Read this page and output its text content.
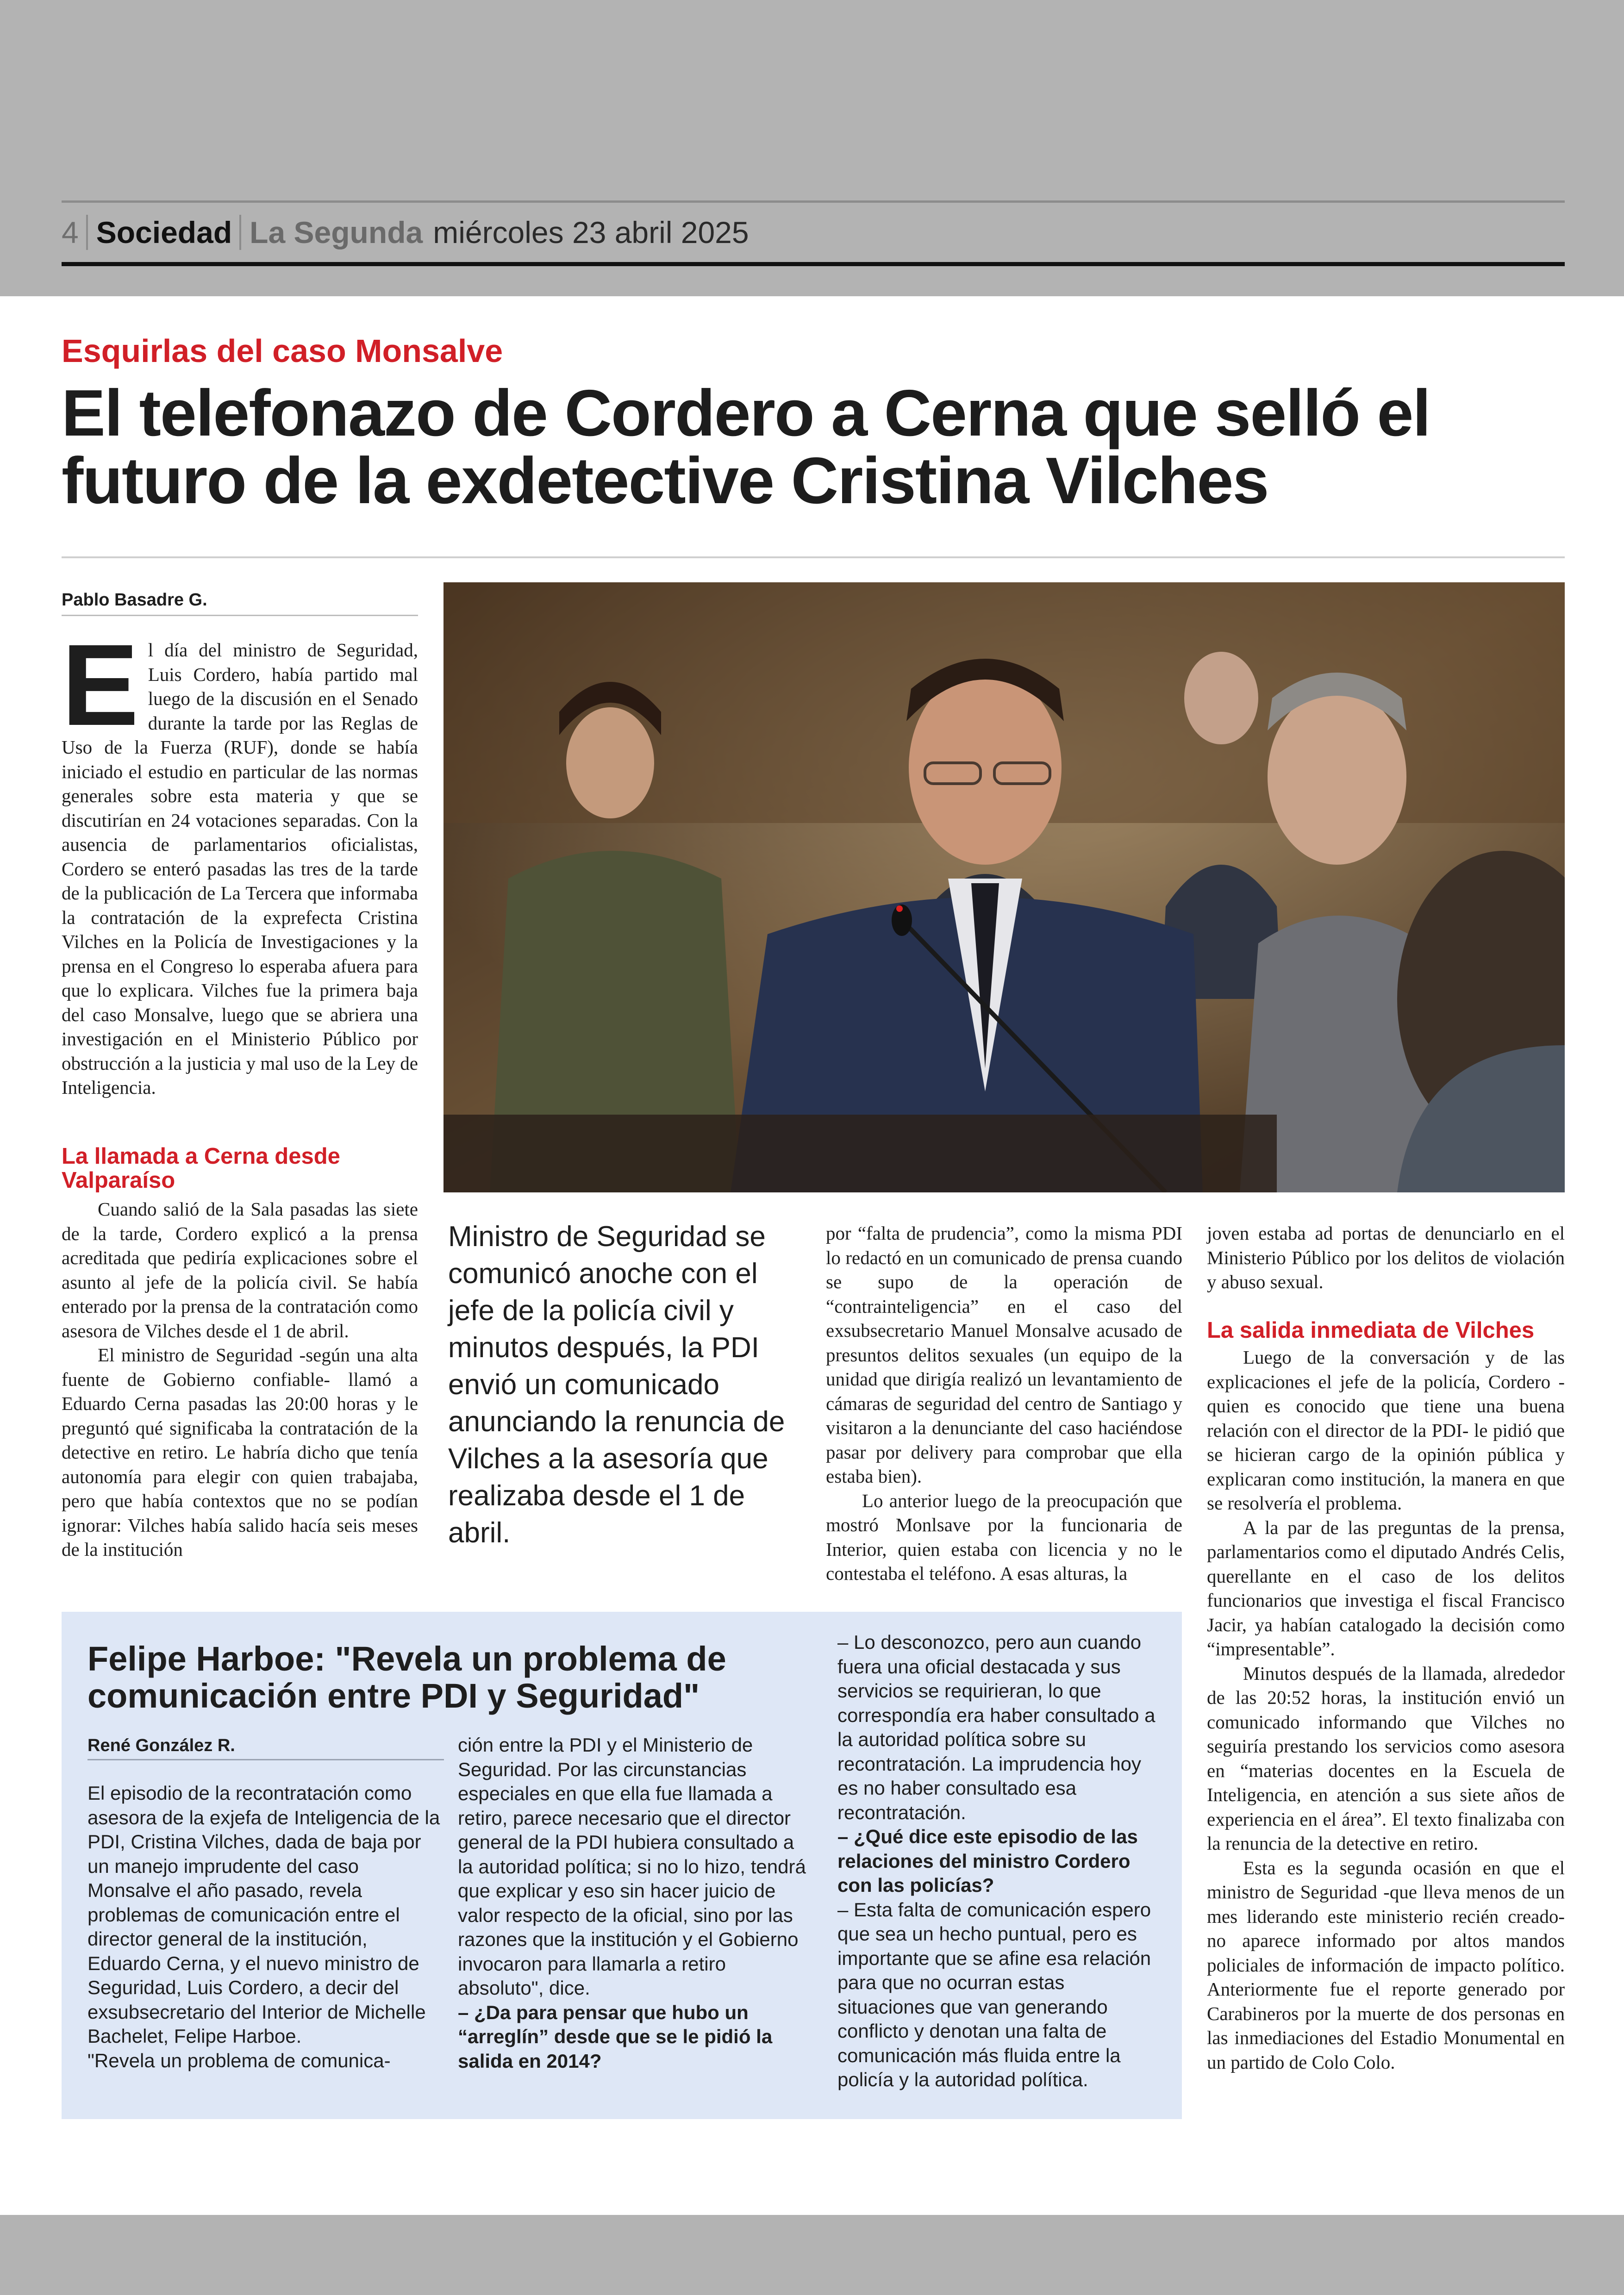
4 Sociedad La Segunda miércoles 23 abril 2025
Esquirlas del caso Monsalve
El telefonazo de Cordero a Cerna que selló el futuro de la exdetective Cristina Vilches
Pablo Basadre G.
E l día del ministro de Seguridad, Luis Cordero, había partido mal luego de la discusión en el Senado durante la tarde por las Reglas de Uso de la Fuerza (RUF), donde se había iniciado el estudio en particular de las normas generales sobre esta materia y que se discutirían en 24 votaciones separadas. Con la ausencia de parlamentarios oficialistas, Cordero se enteró pasadas las tres de la tarde de la publicación de La Tercera que informaba la contratación de la exprefecta Cristina Vilches en la Policía de Investigaciones y la prensa en el Congreso lo esperaba afuera para que lo explicara. Vilches fue la primera baja del caso Monsalve, luego que se abriera una investigación en el Ministerio Público por obstrucción a la justicia y mal uso de la Ley de Inteligencia.

La llamada a Cerna desde Valparaíso

Cuando salió de la Sala pasadas las siete de la tarde, Cordero explicó a la prensa acreditada que pediría explicaciones sobre el asunto al jefe de la policía civil. Se había enterado por la prensa de la contratación como asesora de Vilches desde el 1 de abril.

El ministro de Seguridad -según una alta fuente de Gobierno confiable- llamó a Eduardo Cerna pasadas las 20:00 horas y le preguntó qué significaba la contratación de la detective en retiro. Le habría dicho que tenía autonomía para elegir con quien trabajaba, pero que había contextos que no se podían ignorar: Vilches había salido hacía seis meses de la institución

Ministro de Seguridad se comunicó anoche con el jefe de la policía civil y minutos después, la PDI envió un comunicado anunciando la renuncia de Vilches a la asesoría que realizaba desde el 1 de abril.

por “falta de prudencia”, como la misma PDI lo redactó en un comunicado de prensa cuando se supo de la operación de “contrainteligencia” en el caso del exsubsecretario Manuel Monsalve acusado de presuntos delitos sexuales (un equipo de la unidad que dirigía realizó un levantamiento de cámaras de seguridad del centro de Santiago y visitaron a la denunciante del caso haciéndose pasar por delivery para comprobar que ella estaba bien).

Lo anterior luego de la preocupación que mostró Monlsave por la funcionaria de Interior, quien estaba con licencia y no le contestaba el teléfono. A esas alturas, la

joven estaba ad portas de denunciarlo en el Ministerio Público por los delitos de violación y abuso sexual.

La salida inmediata de Vilches

Luego de la conversación y de las explicaciones el jefe de la policía, Cordero -quien es conocido que tiene una buena relación con el director de la PDI- le pidió que se hicieran cargo de la opinión pública y explicaran como institución, la manera en que se resolvería el problema.

A la par de las preguntas de la prensa, parlamentarios como el diputado Andrés Celis, querellante en el caso de los delitos funcionarios que investiga el fiscal Francisco Jacir, ya habían catalogado la decisión como “impresentable”.

Minutos después de la llamada, alrededor de las 20:52 horas, la institución envió un comunicado informando que Vilches no seguiría prestando los servicios como asesora en “materias docentes en la Escuela de Inteligencia, en atención a sus siete años de experiencia en el área”. El texto finalizaba con la renuncia de la detective en retiro.

Esta es la segunda ocasión en que el ministro de Seguridad -que lleva menos de un mes liderando este ministerio recién creado- no aparece informado por altos mandos policiales de información de impacto político. Anteriormente fue el reporte generado por Carabineros por la muerte de dos personas en las inmediaciones del Estadio Monumental en un partido de Colo Colo.

Felipe Harboe: "Revela un problema de comunicación entre PDI y Seguridad"
René González R.
El episodio de la recontratación como asesora de la exjefa de Inteligencia de la PDI, Cristina Vilches, dada de baja por un manejo imprudente del caso Monsalve el año pasado, revela problemas de comunicación entre el director general de la institución, Eduardo Cerna, y el nuevo ministro de Seguridad, Luis Cordero, a decir del exsubsecretario del Interior de Michelle Bachelet, Felipe Harboe.
"Revela un problema de comunica-
ción entre la PDI y el Ministerio de Seguridad. Por las circunstancias especiales en que ella fue llamada a retiro, parece necesario que el director general de la PDI hubiera consultado a la autoridad política; si no lo hizo, tendrá que explicar y eso sin hacer juicio de valor respecto de la oficial, sino por las razones que la institución y el Gobierno invocaron para llamarla a retiro absoluto", dice.
– ¿Da para pensar que hubo un “arreglín” desde que se le pidió la salida en 2014?
– Lo desconozco, pero aun cuando fuera una oficial destacada y sus servicios se requirieran, lo que correspondía era haber consultado a la autoridad política sobre su recontratación. La imprudencia hoy es no haber consultado esa recontratación.
– ¿Qué dice este episodio de las relaciones del ministro Cordero con las policías?
– Esta falta de comunicación espero que sea un hecho puntual, pero es importante que se afine esa relación para que no ocurran estas situaciones que van generando conflicto y denotan una falta de comunicación más fluida entre la policía y la autoridad política.
